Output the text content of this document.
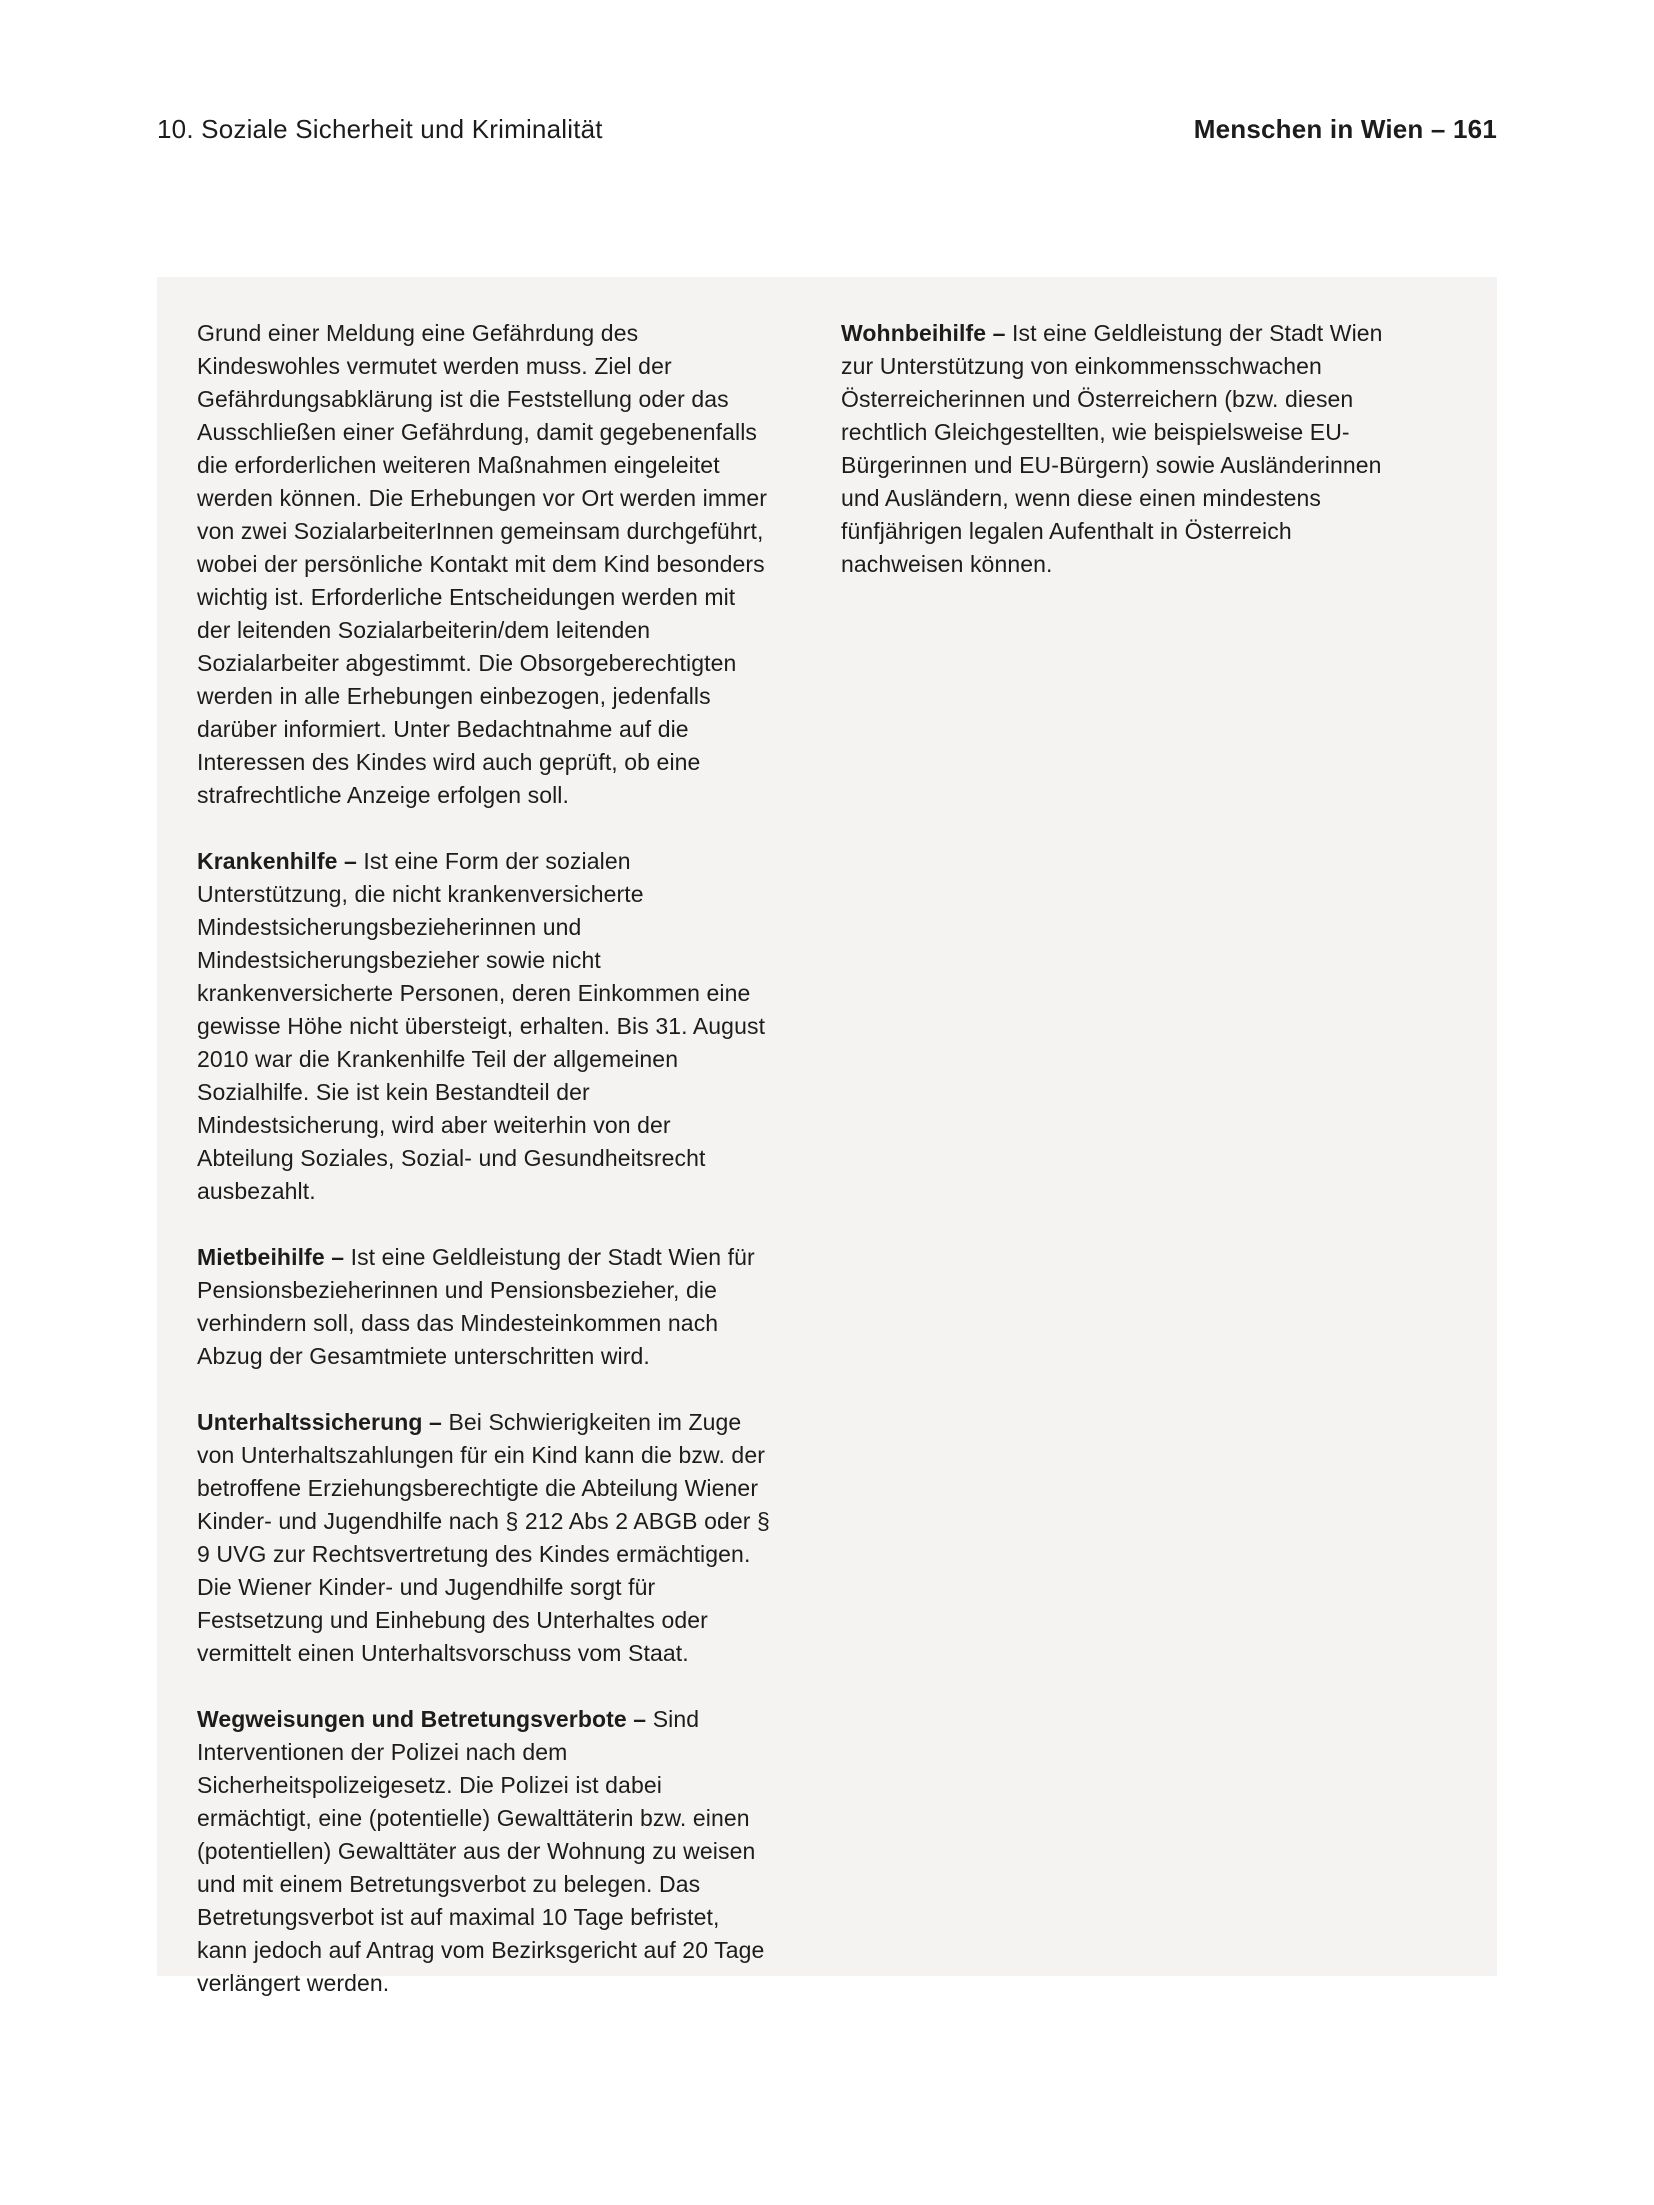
10. Soziale Sicherheit und Kriminalität	Menschen in Wien – 161

Grund einer Meldung eine Gefährdung des Kindeswohles vermutet werden muss. Ziel der Gefährdungsabklärung ist die Feststellung oder das Ausschließen einer Gefährdung, damit gegebenenfalls die erforderlichen weiteren Maßnahmen eingeleitet werden können. Die Erhebungen vor Ort werden immer von zwei SozialarbeiterInnen gemeinsam durchgeführt, wobei der persönliche Kontakt mit dem Kind besonders wichtig ist. Erforderliche Entscheidungen werden mit der leitenden Sozialarbeiterin/dem leitenden Sozialarbeiter abgestimmt. Die Obsorgeberechtigten werden in alle Erhebungen einbezogen, jedenfalls darüber informiert. Unter Bedachtnahme auf die Interessen des Kindes wird auch geprüft, ob eine strafrechtliche Anzeige erfolgen soll.

Krankenhilfe – Ist eine Form der sozialen Unterstützung, die nicht krankenversicherte Mindestsicherungsbezieherinnen und Mindestsicherungsbezieher sowie nicht krankenversicherte Personen, deren Einkommen eine gewisse Höhe nicht übersteigt, erhalten. Bis 31. August 2010 war die Krankenhilfe Teil der allgemeinen Sozialhilfe. Sie ist kein Bestandteil der Mindestsicherung, wird aber weiterhin von der Abteilung Soziales, Sozial- und Gesundheitsrecht ausbezahlt.

Mietbeihilfe – Ist eine Geldleistung der Stadt Wien für Pensionsbezieherinnen und Pensionsbezieher, die verhindern soll, dass das Mindesteinkommen nach Abzug der Gesamtmiete unterschritten wird.

Unterhaltssicherung – Bei Schwierigkeiten im Zuge von Unterhaltszahlungen für ein Kind kann die bzw. der betroffene Erziehungsberechtigte die Abteilung Wiener Kinder- und Jugendhilfe nach § 212 Abs 2 ABGB oder § 9 UVG zur Rechtsvertretung des Kindes ermächtigen. Die Wiener Kinder- und Jugendhilfe sorgt für Festsetzung und Einhebung des Unterhaltes oder vermittelt einen Unterhaltsvorschuss vom Staat.

Wegweisungen und Betretungsverbote – Sind Interventionen der Polizei nach dem Sicherheitspolizeigesetz. Die Polizei ist dabei ermächtigt, eine (potentielle) Gewalttäterin bzw. einen (potentiellen) Gewalttäter aus der Wohnung zu weisen und mit einem Betretungsverbot zu belegen. Das Betretungsverbot ist auf maximal 10 Tage befristet, kann jedoch auf Antrag vom Bezirksgericht auf 20 Tage verlängert werden.

Wohnbeihilfe – Ist eine Geldleistung der Stadt Wien zur Unterstützung von einkommensschwachen Österreicherinnen und Österreichern (bzw. diesen rechtlich Gleichgestellten, wie beispielsweise EU-Bürgerinnen und EU-Bürgern) sowie Ausländerinnen und Ausländern, wenn diese einen mindestens fünfjährigen legalen Aufenthalt in Österreich nachweisen können.
